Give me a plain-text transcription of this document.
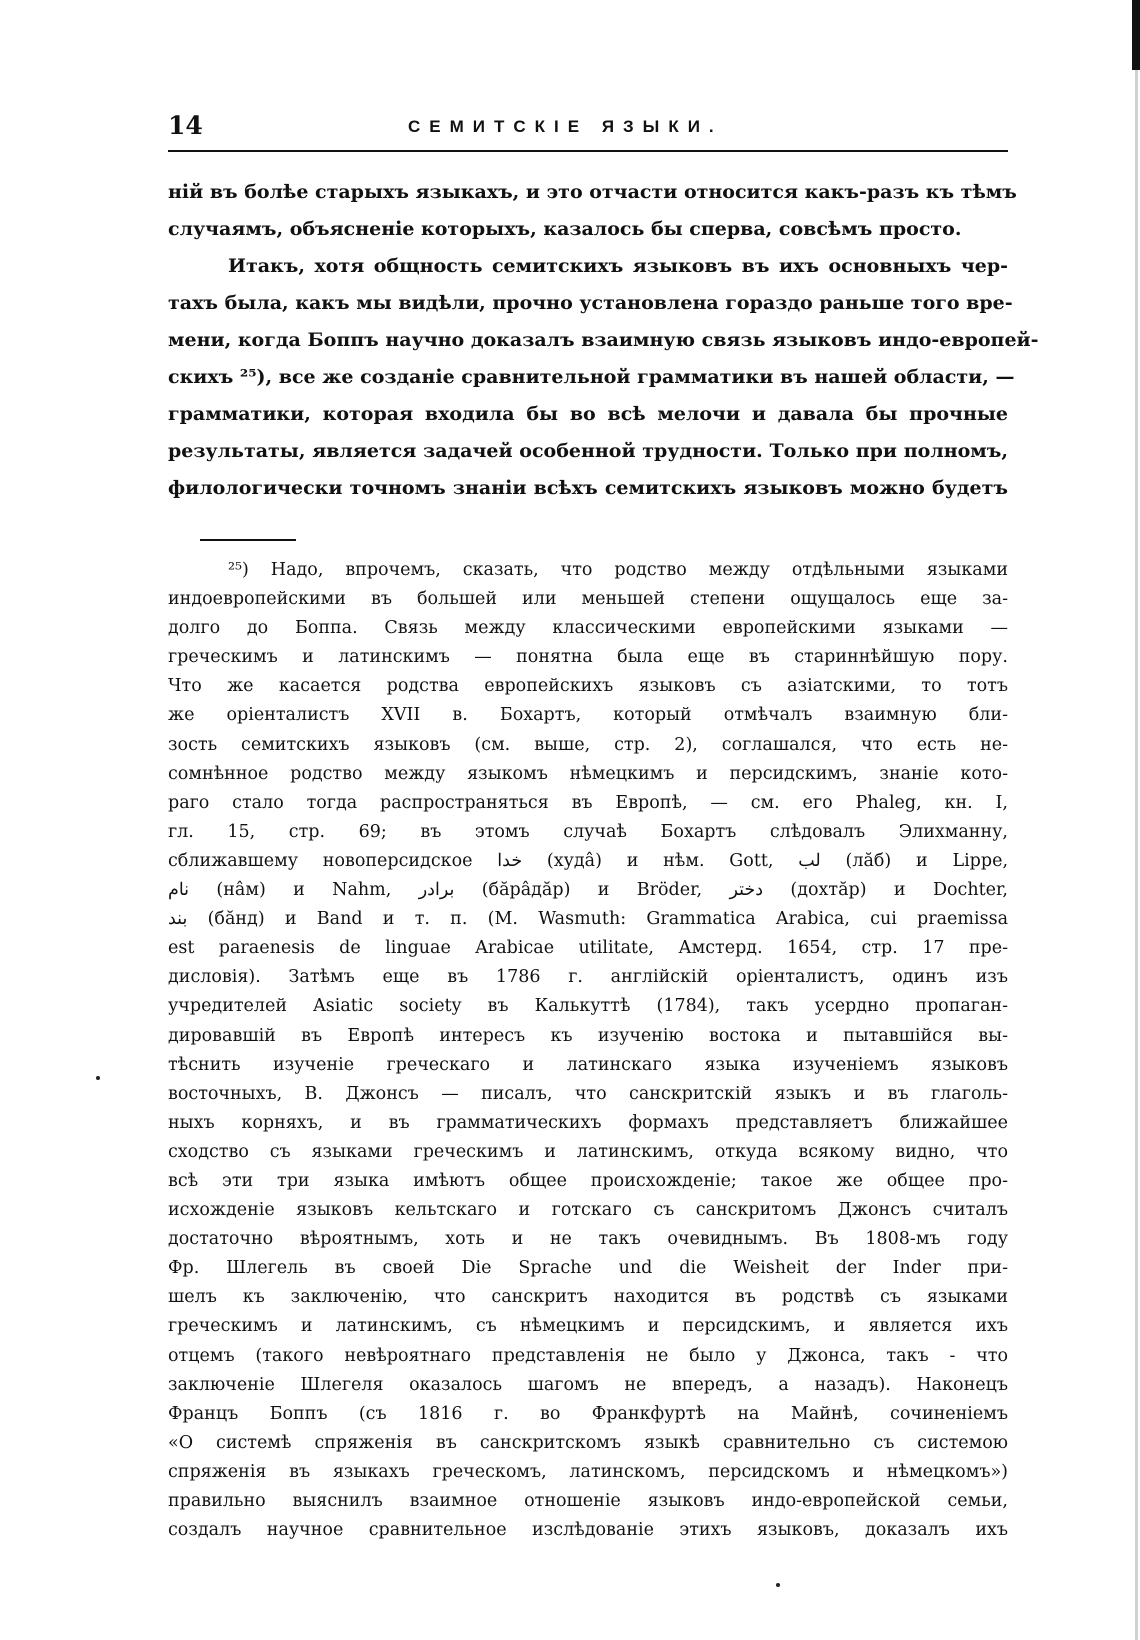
14	СЕМИТСКІЕ ЯЗЫКИ.
ній въ болѣе старыхъ языкахъ, и это отчасти относится какъ-разъ къ тѣмъ
случаямъ, объясненіе которыхъ, казалось бы сперва, совсѣмъ просто.
Итакъ, хотя общность семитскихъ языковъ въ ихъ основныхъ чер-
тахъ была, какъ мы видѣли, прочно установлена гораздо раньше того вре-
мени, когда Боппъ научно доказалъ взаимную связь языковъ индо-европей-
скихъ ²⁵), все же созданіе сравнительной грамматики въ нашей области, —
грамматики, которая входила бы во всѣ мелочи и давала бы прочные
результаты, является задачей особенной трудности. Только при полномъ,
филологически точномъ знаніи всѣхъ семитскихъ языковъ можно будетъ
²⁵) Надо, впрочемъ, сказать, что родство между отдѣльными языками
индоевропейскими въ большей или меньшей степени ощущалось еще за-
долго до Боппа. Связь между классическими европейскими языками —
греческимъ и латинскимъ — понятна была еще въ стариннѣйшую пору.
Что же касается родства европейскихъ языковъ съ азіатскими, то тотъ
же оріенталистъ XVII в. Бохартъ, который отмѣчалъ взаимную бли-
зость семитскихъ языковъ (см. выше, стр. 2), соглашался, что есть не-
сомнѣнное родство между языкомъ нѣмецкимъ и персидскимъ, знаніе кото-
раго стало тогда распространяться въ Европѣ, — см. его Phaleg, кн. I,
гл. 15, стр. 69; въ этомъ случаѣ Бохартъ слѣдовалъ Элихманну,
сближавшему новоперсидское خدا (худâ) и нѣм. Gott, لب (лăб) и Lippe,
نام (нâм) и Nahm, برادر (бăрâдăр) и Bröder, دختر (дохтăр) и Dochter,
بند (бăнд) и Band и т. п. (M. Wasmuth: Grammatica Arabica, cui praemissa
est paraenesis de linguae Arabicae utilitate, Амстерд. 1654, стр. 17 пре-
дисловія). Затѣмъ еще въ 1786 г. англійскій оріенталистъ, одинъ изъ
учредителей Asiatic society въ Калькуттѣ (1784), такъ усердно пропаган-
дировавшій въ Европѣ интересъ къ изученію востока и пытавшійся вы-
тѣснить изученіе греческаго и латинскаго языка изученіемъ языковъ
восточныхъ, В. Джонсъ — писалъ, что санскритскій языкъ и въ глаголь-
ныхъ корняхъ, и въ грамматическихъ формахъ представляетъ ближайшее
сходство съ языками греческимъ и латинскимъ, откуда всякому видно, что
всѣ эти три языка имѣютъ общее происхожденіе; такое же общее про-
исхожденіе языковъ кельтскаго и готскаго съ санскритомъ Джонсъ считалъ
достаточно вѣроятнымъ, хоть и не такъ очевиднымъ. Въ 1808-мъ году
Фр. Шлегель въ своей Die Sprache und die Weisheit der Inder при-
шелъ къ заключенію, что санскритъ находится въ родствѣ съ языками
греческимъ и латинскимъ, съ нѣмецкимъ и персидскимъ, и является ихъ
отцемъ (такого невѣроятнаго представленія не было у Джонса, такъ - что
заключеніе Шлегеля оказалось шагомъ не впередъ, а назадъ). Наконецъ
Францъ Боппъ (съ 1816 г. во Франкфуртѣ на Майнѣ, сочиненіемъ
«О системѣ спряженія въ санскритскомъ языкѣ сравнительно съ системою
спряженія въ языкахъ греческомъ, латинскомъ, персидскомъ и нѣмецкомъ»)
правильно выяснилъ взаимное отношеніе языковъ индо-европейской семьи,
создалъ научное сравнительное изслѣдованіе этихъ языковъ, доказалъ ихъ
